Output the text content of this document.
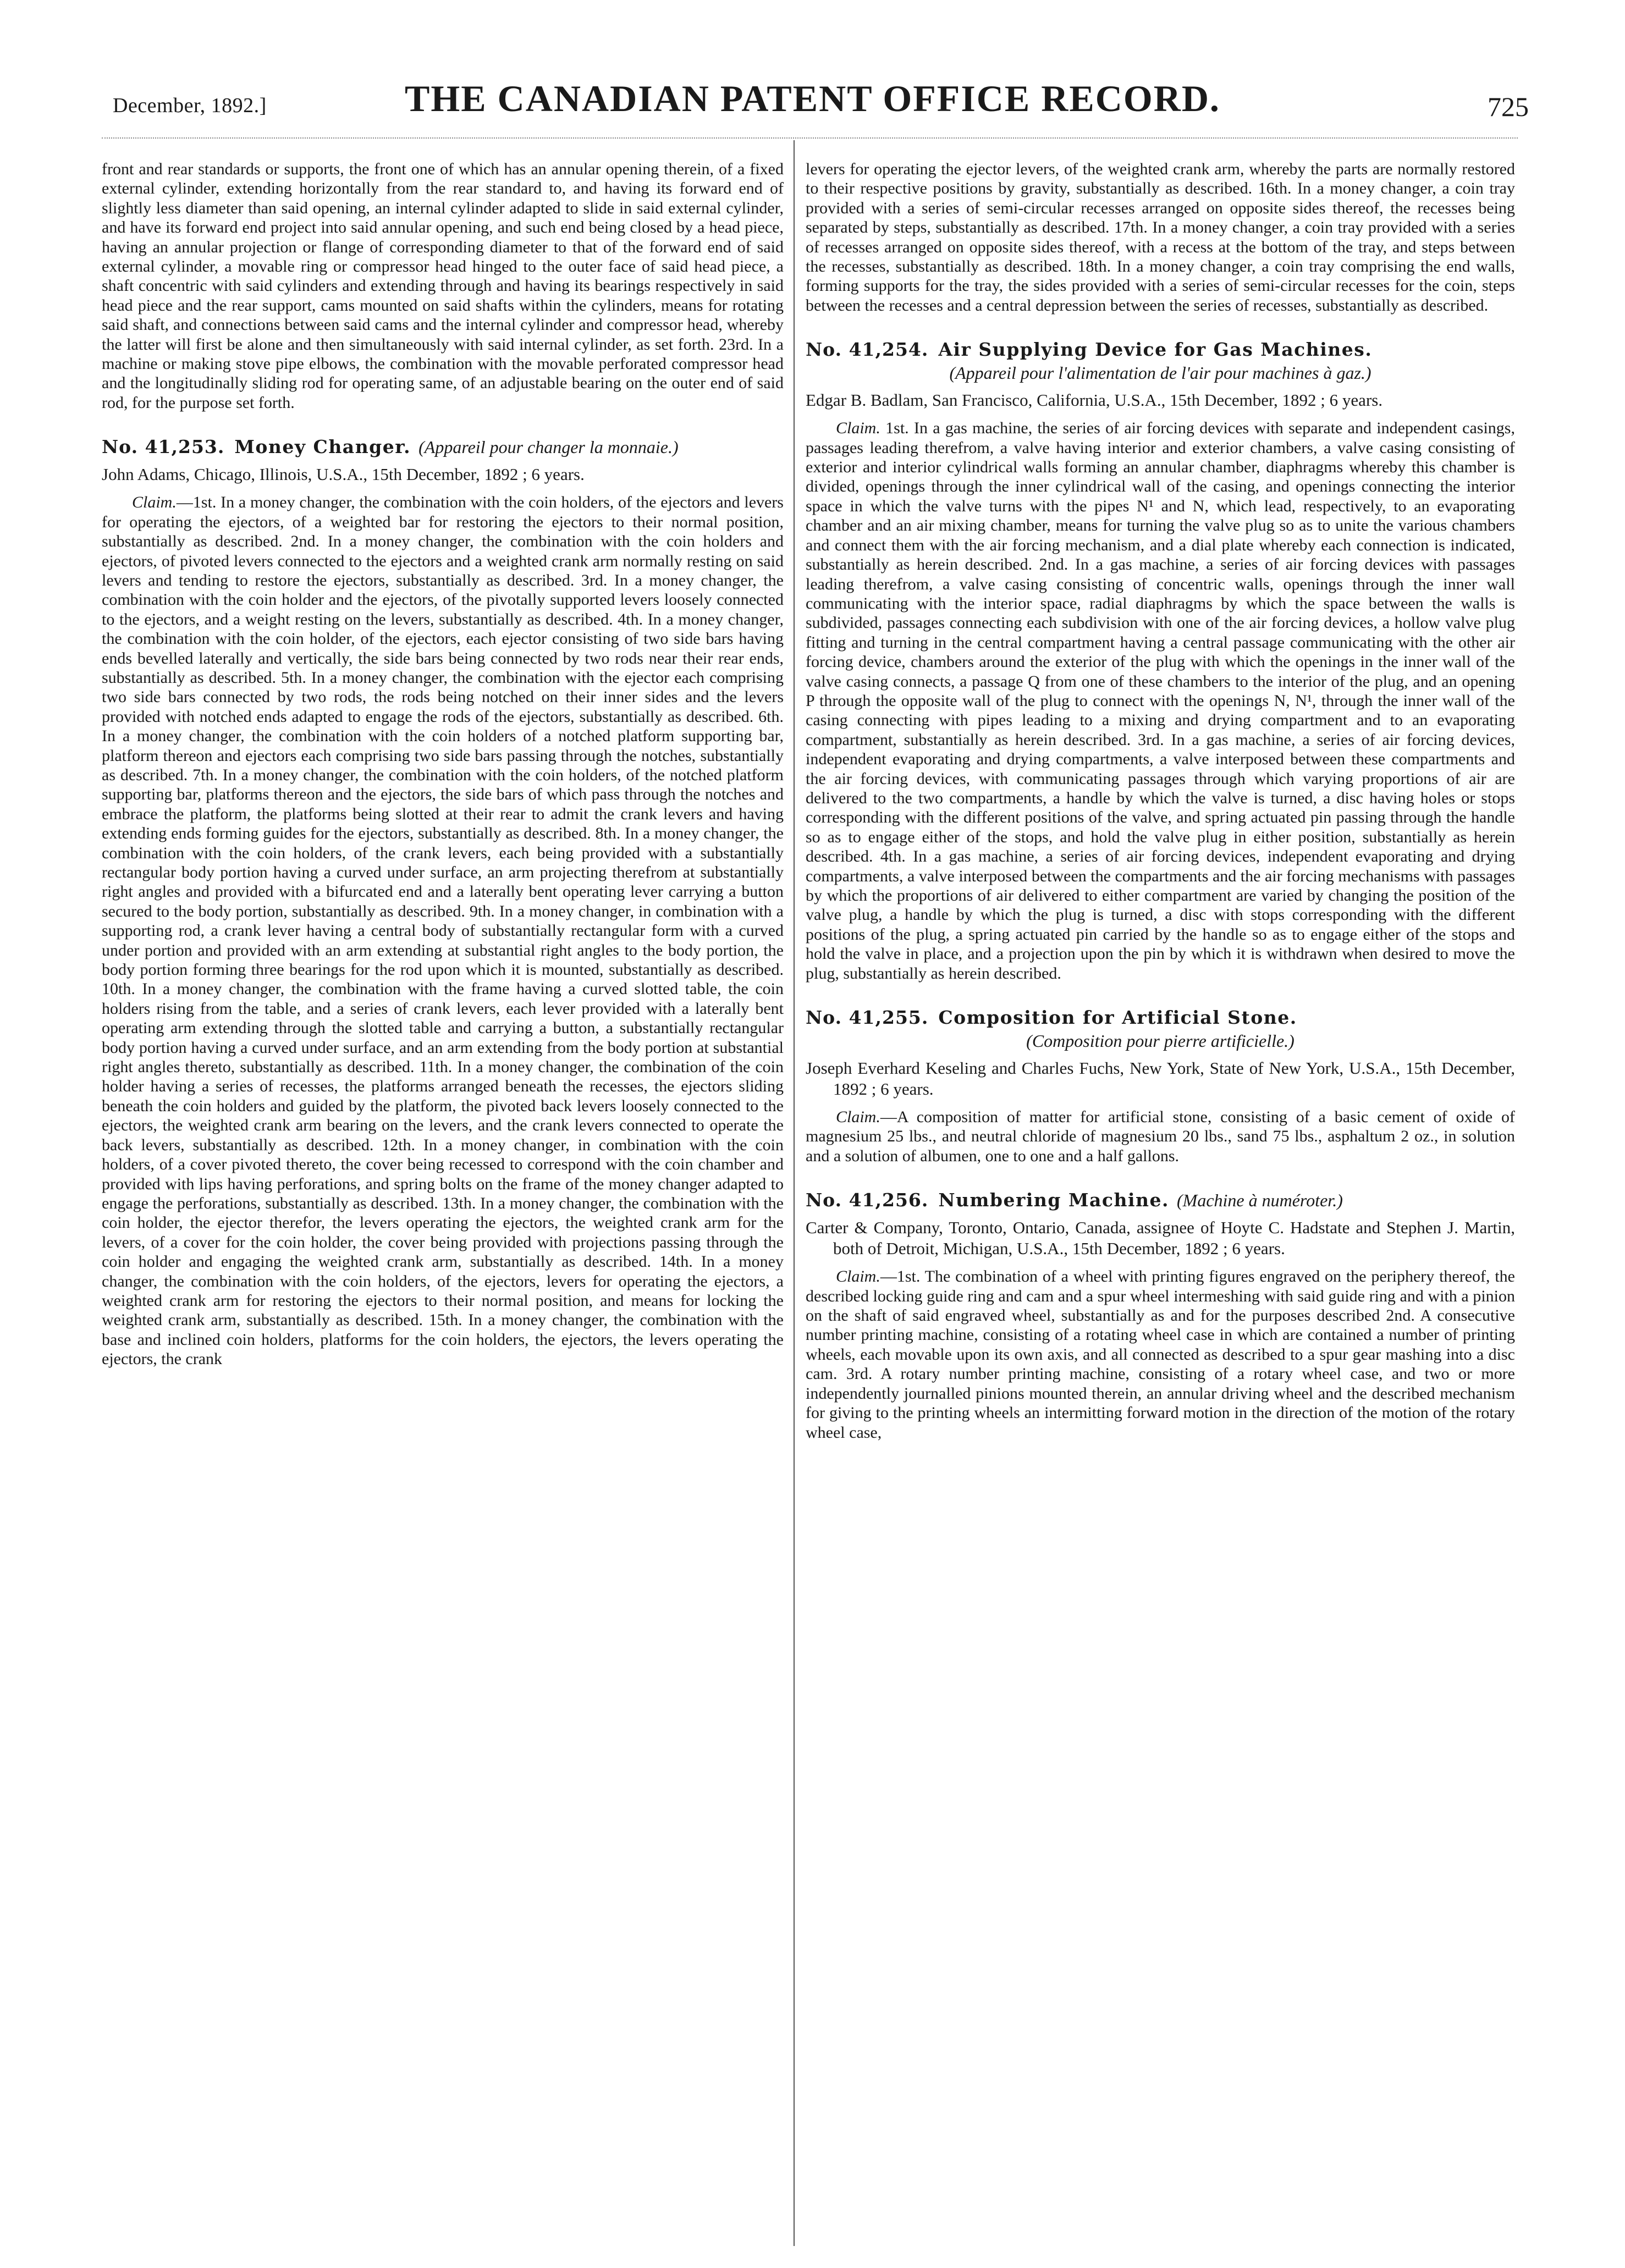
December, 1892.]	THE CANADIAN PATENT OFFICE RECORD.	725

front and rear standards or supports, the front one of which has an annular opening therein, of a fixed external cylinder, extending horizontally from the rear standard to, and having its forward end of slightly less diameter than said opening, an internal cylinder adapted to slide in said external cylinder, and have its forward end project into said annular opening, and such end being closed by a head piece, having an annular projection or flange of corresponding diameter to that of the forward end of said external cylinder, a movable ring or compressor head hinged to the outer face of said head piece, a shaft concentric with said cylinders and extending through and having its bearings respectively in said head piece and the rear support, cams mounted on said shafts within the cylinders, means for rotating said shaft, and connections between said cams and the internal cylinder and compressor head, whereby the latter will first be alone and then simultaneously with said internal cylinder, as set forth. 23rd. In a machine or making stove pipe elbows, the combination with the movable perforated compressor head and the longitudinally sliding rod for operating same, of an adjustable bearing on the outer end of said rod, for the purpose set forth.

No. 41,253. Money Changer. (Appareil pour changer la monnaie.)

John Adams, Chicago, Illinois, U.S.A., 15th December, 1892 ; 6 years.

Claim.—1st. In a money changer, the combination with the coin holders, of the ejectors and levers for operating the ejectors, of a weighted bar for restoring the ejectors to their normal position, substantially as described. 2nd. In a money changer, the combination with the coin holders and ejectors, of pivoted levers connected to the ejectors and a weighted crank arm normally resting on said levers and tending to restore the ejectors, substantially as described. 3rd. In a money changer, the combination with the coin holder and the ejectors, of the pivotally supported levers loosely connected to the ejectors, and a weight resting on the levers, substantially as described. 4th. In a money changer, the combination with the coin holder, of the ejectors, each ejector consisting of two side bars having ends bevelled laterally and vertically, the side bars being connected by two rods near their rear ends, substantially as described. 5th. In a money changer, the combination with the ejector each comprising two side bars connected by two rods, the rods being notched on their inner sides and the levers provided with notched ends adapted to engage the rods of the ejectors, substantially as described. 6th. In a money changer, the combination with the coin holders of a notched platform supporting bar, platform thereon and ejectors each comprising two side bars passing through the notches, substantially as described. 7th. In a money changer, the combination with the coin holders, of the notched platform supporting bar, platforms thereon and the ejectors, the side bars of which pass through the notches and embrace the platform, the platforms being slotted at their rear to admit the crank levers and having extending ends forming guides for the ejectors, substantially as described. 8th. In a money changer, the combination with the coin holders, of the crank levers, each being provided with a substantially rectangular body portion having a curved under surface, an arm projecting therefrom at substantially right angles and provided with a bifurcated end and a laterally bent operating lever carrying a button secured to the body portion, substantially as described. 9th. In a money changer, in combination with a supporting rod, a crank lever having a central body of substantially rectangular form with a curved under portion and provided with an arm extending at substantial right angles to the body portion, the body portion forming three bearings for the rod upon which it is mounted, substantially as described. 10th. In a money changer, the combination with the frame having a curved slotted table, the coin holders rising from the table, and a series of crank levers, each lever provided with a laterally bent operating arm extending through the slotted table and carrying a button, a substantially rectangular body portion having a curved under surface, and an arm extending from the body portion at substantial right angles thereto, substantially as described. 11th. In a money changer, the combination of the coin holder having a series of recesses, the platforms arranged beneath the recesses, the ejectors sliding beneath the coin holders and guided by the platform, the pivoted back levers loosely connected to the ejectors, the weighted crank arm bearing on the levers, and the crank levers connected to operate the back levers, substantially as described. 12th. In a money changer, in combination with the coin holders, of a cover pivoted thereto, the cover being recessed to correspond with the coin chamber and provided with lips having perforations, and spring bolts on the frame of the money changer adapted to engage the perforations, substantially as described. 13th. In a money changer, the combination with the coin holder, the ejector therefor, the levers operating the ejectors, the weighted crank arm for the levers, of a cover for the coin holder, the cover being provided with projections passing through the coin holder and engaging the weighted crank arm, substantially as described. 14th. In a money changer, the combination with the coin holders, of the ejectors, levers for operating the ejectors, a weighted crank arm for restoring the ejectors to their normal position, and means for locking the weighted crank arm, substantially as described. 15th. In a money changer, the combination with the base and inclined coin holders, platforms for the coin holders, the ejectors, the levers operating the ejectors, the crank

levers for operating the ejector levers, of the weighted crank arm, whereby the parts are normally restored to their respective positions by gravity, substantially as described. 16th. In a money changer, a coin tray provided with a series of semi-circular recesses arranged on opposite sides thereof, the recesses being separated by steps, substantially as described. 17th. In a money changer, a coin tray provided with a series of recesses arranged on opposite sides thereof, with a recess at the bottom of the tray, and steps between the recesses, substantially as described. 18th. In a money changer, a coin tray comprising the end walls, forming supports for the tray, the sides provided with a series of semi-circular recesses for the coin, steps between the recesses and a central depression between the series of recesses, substantially as described.

No. 41,254. Air Supplying Device for Gas Machines.
(Appareil pour l'alimentation de l'air pour machines à gaz.)

Edgar B. Badlam, San Francisco, California, U.S.A., 15th December, 1892 ; 6 years.

Claim. 1st. In a gas machine, the series of air forcing devices with separate and independent casings, passages leading therefrom, a valve having interior and exterior chambers, a valve casing consisting of exterior and interior cylindrical walls forming an annular chamber, diaphragms whereby this chamber is divided, openings through the inner cylindrical wall of the casing, and openings connecting the interior space in which the valve turns with the pipes N¹ and N, which lead, respectively, to an evaporating chamber and an air mixing chamber, means for turning the valve plug so as to unite the various chambers and connect them with the air forcing mechanism, and a dial plate whereby each connection is indicated, substantially as herein described. 2nd. In a gas machine, a series of air forcing devices with passages leading therefrom, a valve casing consisting of concentric walls, openings through the inner wall communicating with the interior space, radial diaphragms by which the space between the walls is subdivided, passages connecting each subdivision with one of the air forcing devices, a hollow valve plug fitting and turning in the central compartment having a central passage communicating with the other air forcing device, chambers around the exterior of the plug with which the openings in the inner wall of the valve casing connects, a passage Q from one of these chambers to the interior of the plug, and an opening P through the opposite wall of the plug to connect with the openings N, N¹, through the inner wall of the casing connecting with pipes leading to a mixing and drying compartment and to an evaporating compartment, substantially as herein described. 3rd. In a gas machine, a series of air forcing devices, independent evaporating and drying compartments, a valve interposed between these compartments and the air forcing devices, with communicating passages through which varying proportions of air are delivered to the two compartments, a handle by which the valve is turned, a disc having holes or stops corresponding with the different positions of the valve, and spring actuated pin passing through the handle so as to engage either of the stops, and hold the valve plug in either position, substantially as herein described. 4th. In a gas machine, a series of air forcing devices, independent evaporating and drying compartments, a valve interposed between the compartments and the air forcing mechanisms with passages by which the proportions of air delivered to either compartment are varied by changing the position of the valve plug, a handle by which the plug is turned, a disc with stops corresponding with the different positions of the plug, a spring actuated pin carried by the handle so as to engage either of the stops and hold the valve in place, and a projection upon the pin by which it is withdrawn when desired to move the plug, substantially as herein described.

No. 41,255. Composition for Artificial Stone.
(Composition pour pierre artificielle.)

Joseph Everhard Keseling and Charles Fuchs, New York, State of New York, U.S.A., 15th December, 1892 ; 6 years.

Claim.—A composition of matter for artificial stone, consisting of a basic cement of oxide of magnesium 25 lbs., and neutral chloride of magnesium 20 lbs., sand 75 lbs., asphaltum 2 oz., in solution and a solution of albumen, one to one and a half gallons.

No. 41,256. Numbering Machine. (Machine à numéroter.)

Carter & Company, Toronto, Ontario, Canada, assignee of Hoyte C. Hadstate and Stephen J. Martin, both of Detroit, Michigan, U.S.A., 15th December, 1892 ; 6 years.

Claim.—1st. The combination of a wheel with printing figures engraved on the periphery thereof, the described locking guide ring and cam and a spur wheel intermeshing with said guide ring and with a pinion on the shaft of said engraved wheel, substantially as and for the purposes described 2nd. A consecutive number printing machine, consisting of a rotating wheel case in which are contained a number of printing wheels, each movable upon its own axis, and all connected as described to a spur gear mashing into a disc cam. 3rd. A rotary number printing machine, consisting of a rotary wheel case, and two or more independently journalled pinions mounted therein, an annular driving wheel and the described mechanism for giving to the printing wheels an intermitting forward motion in the direction of the motion of the rotary wheel case,
